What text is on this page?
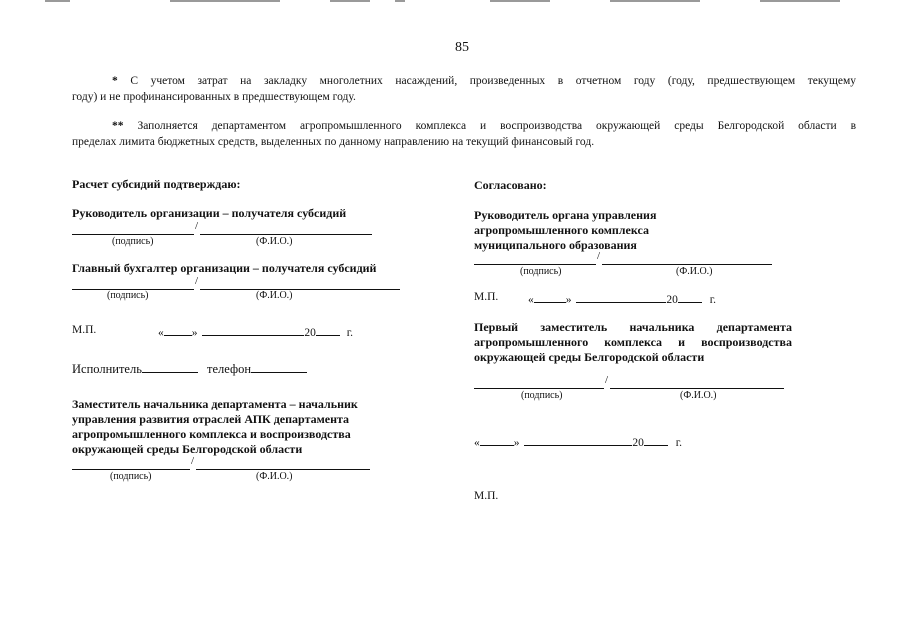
85
* С учетом затрат на закладку многолетних насаждений, произведенных в отчетном году (году, предшествующем текущему
году) и не профинансированных в предшествующем году.
** Заполняется департаментом агропромышленного комплекса и воспроизводства окружающей среды Белгородской области в
пределах лимита бюджетных средств, выделенных по данному направлению на текущий финансовый год.
Расчет субсидий подтверждаю:
Руководитель организации – получателя субсидий
/
(подпись)	(Ф.И.О.)
Главный бухгалтер организации – получателя субсидий
/
(подпись)	(Ф.И.О.)
М.П.	« »	20	г.
Исполнитель	телефон
Заместитель начальника департамента – начальник
управления развития отраслей АПК департамента
агропромышленного комплекса и воспроизводства
окружающей среды Белгородской области
/
(подпись)	(Ф.И.О.)
Согласовано:
Руководитель органа управления
агропромышленного комплекса
муниципального образования
/
(подпись)	(Ф.И.О.)
М.П.	«	»	20	г.
Первый заместитель начальника департамента
агропромышленного комплекса и воспроизводства
окружающей среды Белгородской области
/
(подпись)	(Ф.И.О.)
«	»	20	г.
М.П.
